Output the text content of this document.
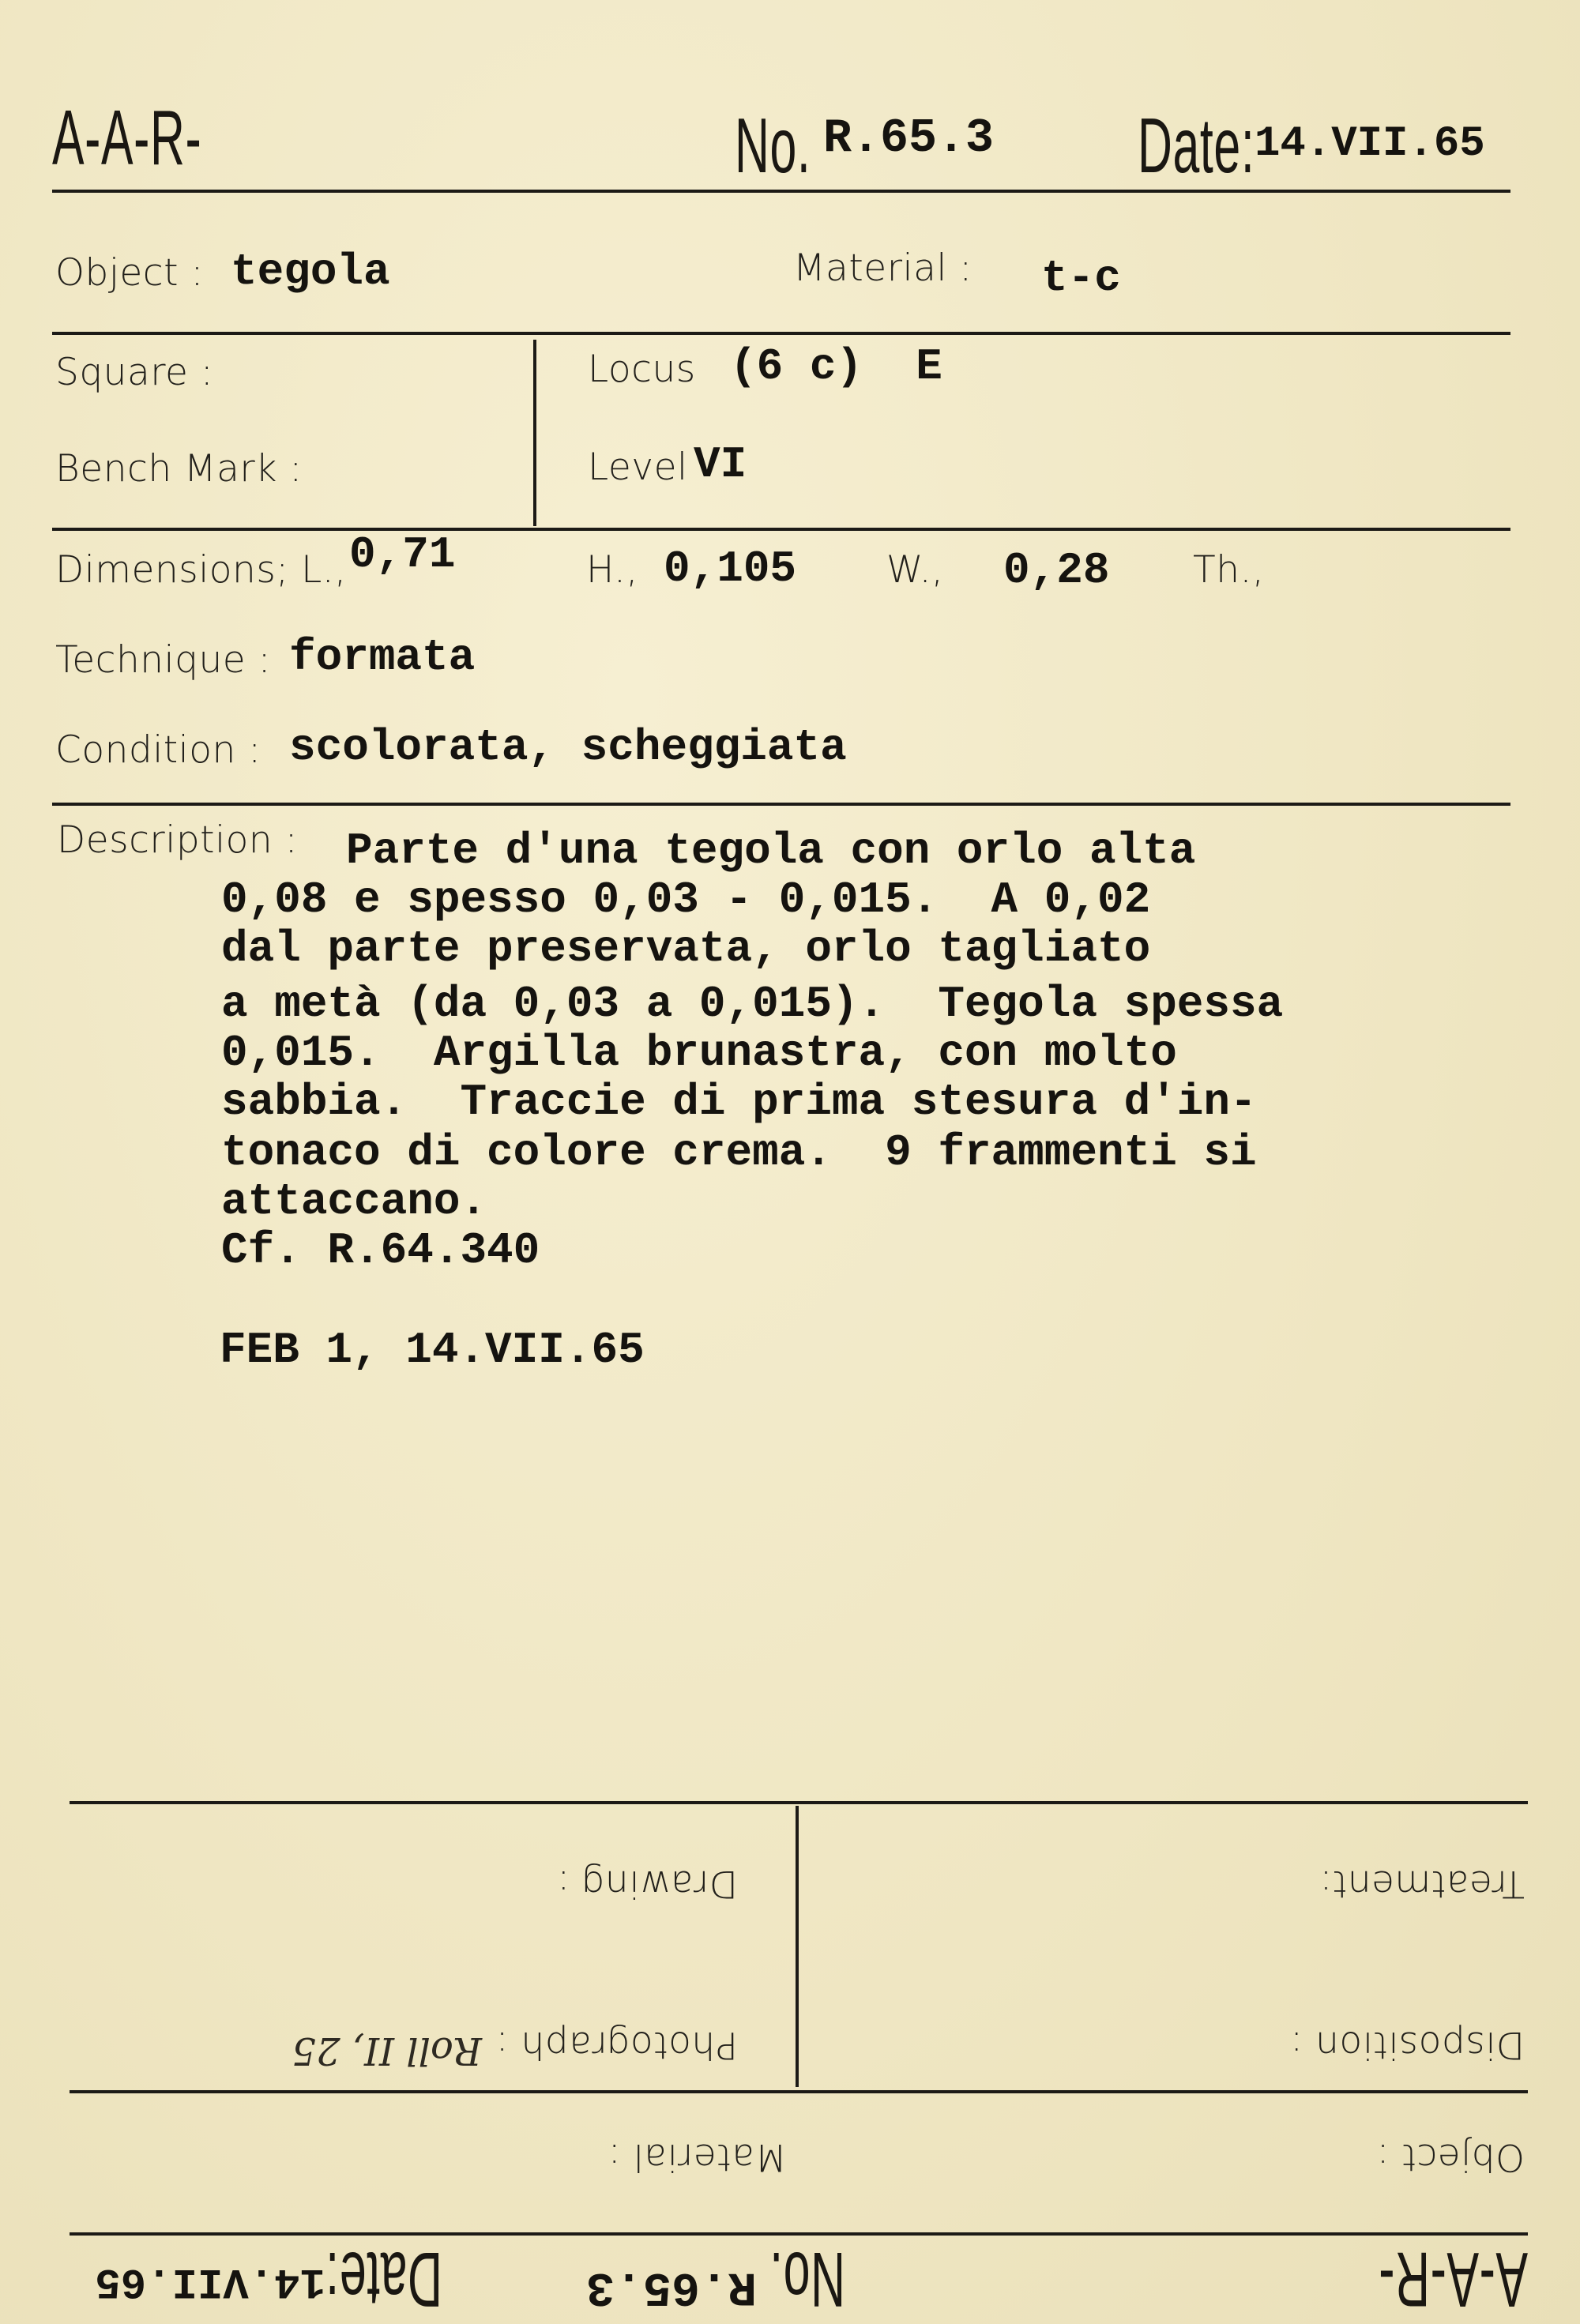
A-A-R-	No. R.65.3 Date: 14.VII.65
Object : tegola	Material : t-c
Square :
Bench Mark :
Locus (6 c)  E
Level VI
Dimensions; L., 0,71	H., 0,105 W., 0,28 Th.,
Technique : formata
Condition : scolorata, scheggiata
Description : Parte d'una tegola con orlo alta
0,08 e spesso 0,03 - 0,015.  A 0,02
dal parte preservata, orlo tagliato
a metà (da 0,03 a 0,015).  Tegola spessa
0,015.  Argilla brunastra, con molto
sabbia.  Traccie di prima stesura d'in-
tonaco di colore crema.  9 frammenti si
attaccano.
Cf. R.64.340
FEB 1, 14.VII.65
A-A-R-
No.
R.65.3
Date:
14.VII.65
Object :
Material :
Disposition :
Photograph :
Roll II, 25
Treatment:
Drawing :
